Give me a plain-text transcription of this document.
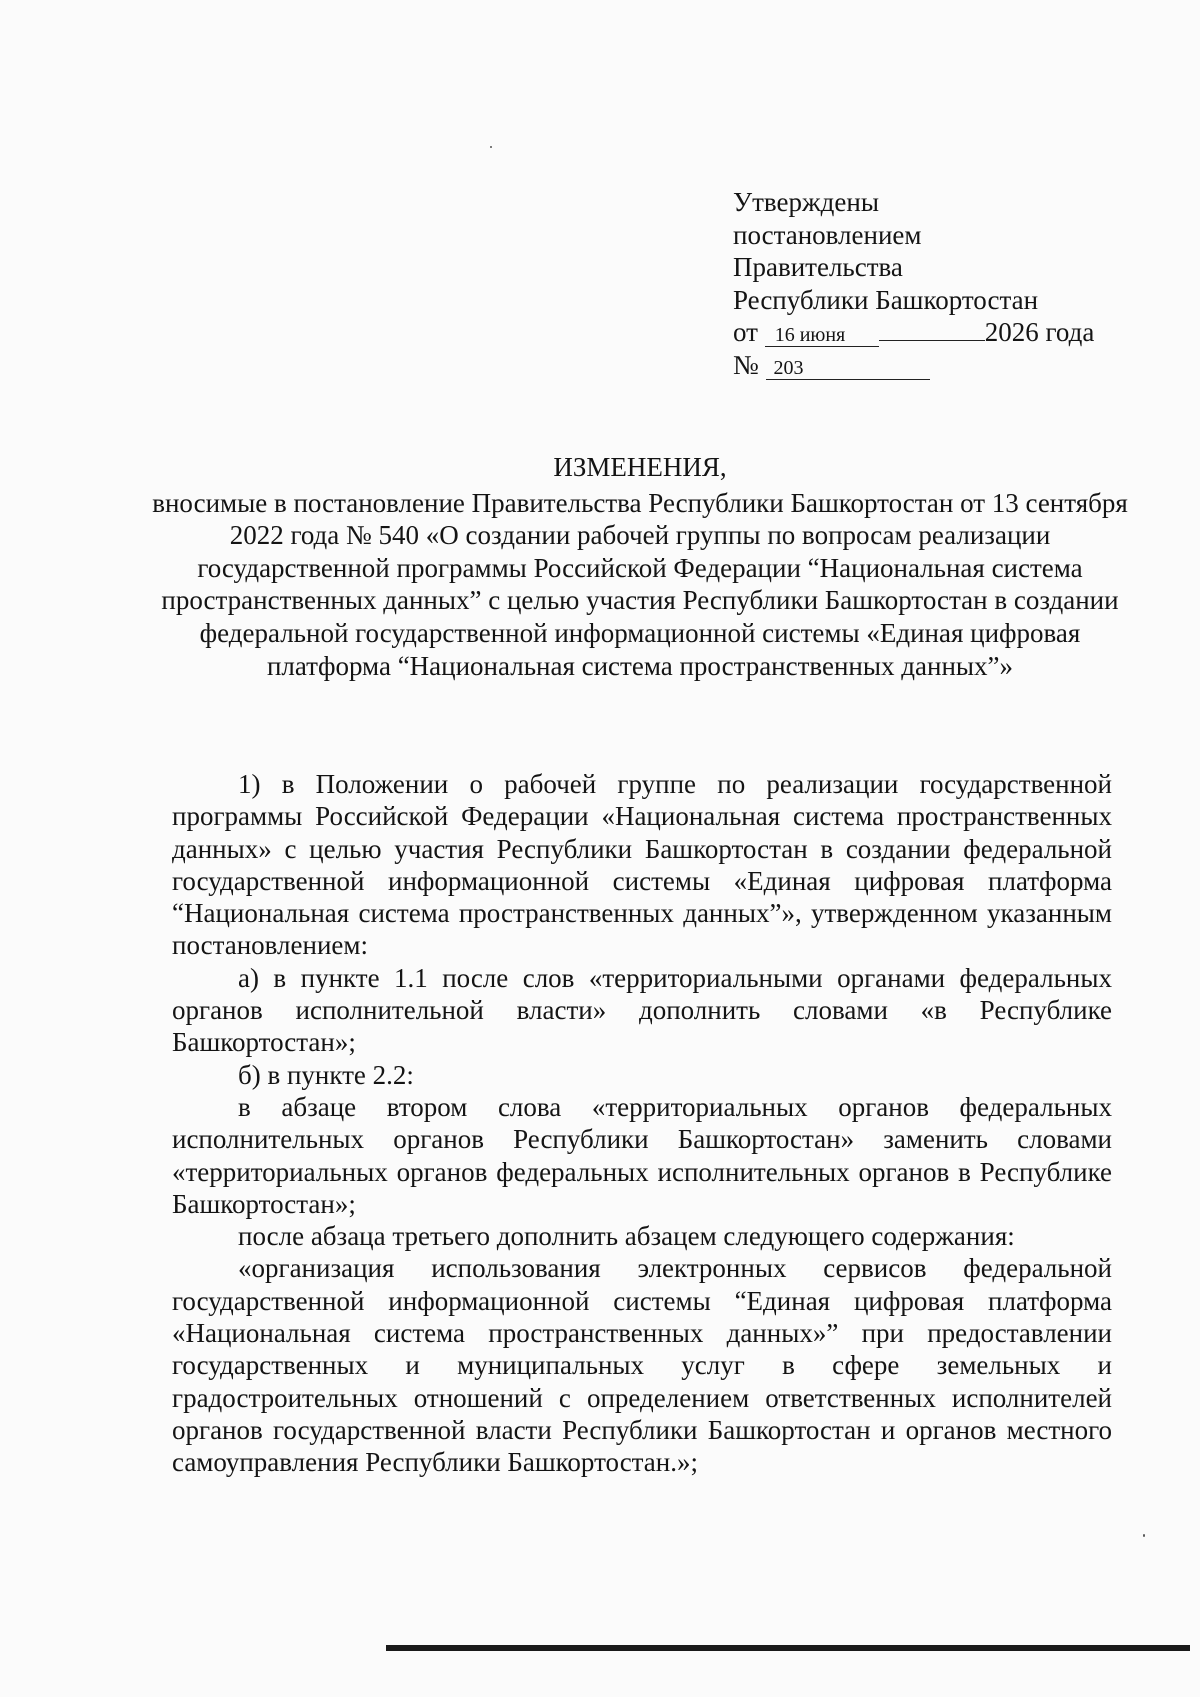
Утверждены
постановлением
Правительства
Республики Башкортостан
от 16 июня	2026 года
№ 203
ИЗМЕНЕНИЯ,
вносимые в постановление Правительства Республики Башкортостан от 13 сентября 2022 года № 540 «О создании рабочей группы по вопросам реализации государственной программы Российской Федерации “Национальная система пространственных данных” с целью участия Республики Башкортостан в создании федеральной государственной информационной системы «Единая цифровая платформа “Национальная система пространственных данных”»

1) в Положении о рабочей группе по реализации государственной программы Российской Федерации «Национальная система пространственных данных» с целью участия Республики Башкортостан в создании федеральной государственной информационной системы «Единая цифровая платформа “Национальная система пространственных данных”», утвержденном указанным постановлением:

а) в пункте 1.1 после слов «территориальными органами федеральных органов исполнительной власти» дополнить словами «в Республике Башкортостан»;

б) в пункте 2.2:

в абзаце втором слова «территориальных органов федеральных исполнительных органов Республики Башкортостан» заменить словами «территориальных органов федеральных исполнительных органов в Республике Башкортостан»;

после абзаца третьего дополнить абзацем следующего содержания:

«организация использования электронных сервисов федеральной государственной информационной системы “Единая цифровая платформа «Национальная система пространственных данных»” при предоставлении государственных и муниципальных услуг в сфере земельных и градостроительных отношений с определением ответственных исполнителей органов государственной власти Республики Башкортостан и органов местного самоуправления Республики Башкортостан.»;
